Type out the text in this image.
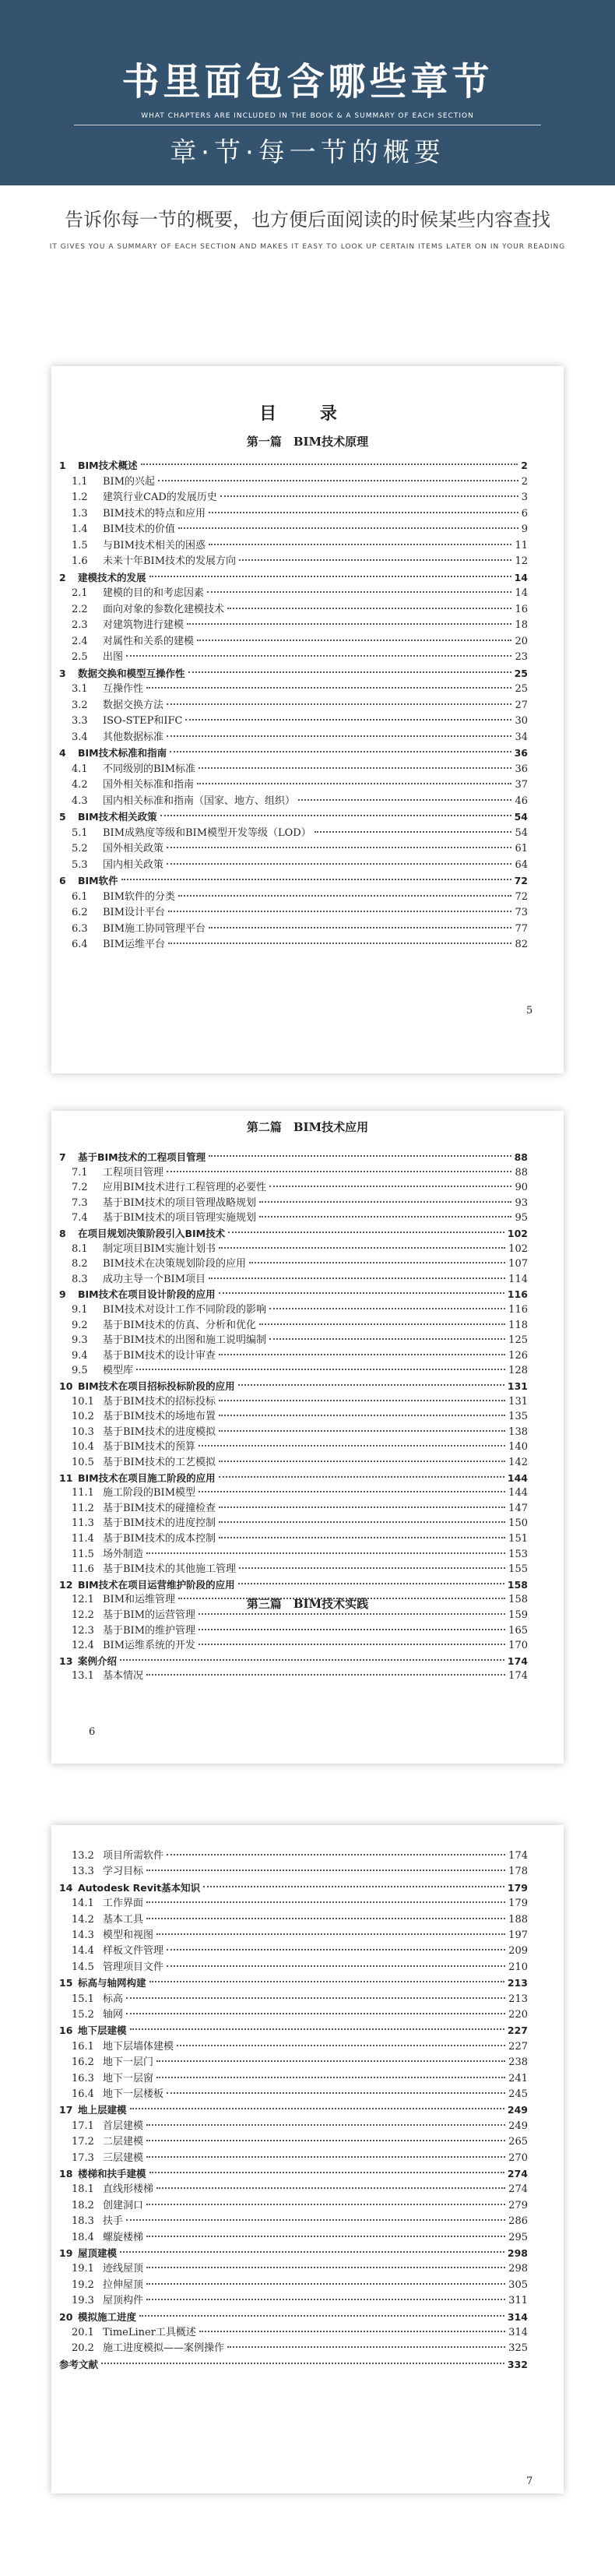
书里面包含哪些章节
WHAT CHAPTERS ARE INCLUDED IN THE BOOK & A SUMMARY OF EACH SECTION
章·节·每一节的概要
告诉你每一节的概要，也方便后面阅读的时候某些内容查找
IT GIVES YOU A SUMMARY OF EACH SECTION AND MAKES IT EASY TO LOOK UP CERTAIN ITEMS LATER ON IN YOUR READING
目 录
第一篇　BIM技术原理
1	BIM技术概述	2
1.1	BIM的兴起	2
1.2	建筑行业CAD的发展历史	3
1.3	BIM技术的特点和应用	6
1.4	BIM技术的价值	9
1.5	与BIM技术相关的困惑	11
1.6	未来十年BIM技术的发展方向	12
2	建模技术的发展	14
2.1	建模的目的和考虑因素	14
2.2	面向对象的参数化建模技术	16
2.3	对建筑物进行建模	18
2.4	对属性和关系的建模	20
2.5	出图	23
3	数据交换和模型互操作性	25
3.1	互操作性	25
3.2	数据交换方法	27
3.3	ISO-STEP和IFC	30
3.4	其他数据标准	34
4	BIM技术标准和指南	36
4.1	不同级别的BIM标准	36
4.2	国外相关标准和指南	37
4.3	国内相关标准和指南（国家、地方、组织）	46
5	BIM技术相关政策	54
5.1	BIM成熟度等级和BIM模型开发等级（LOD）	54
5.2	国外相关政策	61
5.3	国内相关政策	64
6	BIM软件	72
6.1	BIM软件的分类	72
6.2	BIM设计平台	73
6.3	BIM施工协同管理平台	77
6.4	BIM运维平台	82
5
第二篇　BIM技术应用
第三篇　BIM技术实践
7	基于BIM技术的工程项目管理	88
7.1	工程项目管理	88
7.2	应用BIM技术进行工程管理的必要性	90
7.3	基于BIM技术的项目管理战略规划	93
7.4	基于BIM技术的项目管理实施规划	95
8	在项目规划决策阶段引入BIM技术	102
8.1	制定项目BIM实施计划书	102
8.2	BIM技术在决策规划阶段的应用	107
8.3	成功主导一个BIM项目	114
9	BIM技术在项目设计阶段的应用	116
9.1	BIM技术对设计工作不同阶段的影响	116
9.2	基于BIM技术的仿真、分析和优化	118
9.3	基于BIM技术的出图和施工说明编制	125
9.4	基于BIM技术的设计审查	126
9.5	模型库	128
10 BIM技术在项目招标投标阶段的应用	131
10.1 基于BIM技术的招标投标	131
10.2 基于BIM技术的场地布置	135
10.3 基于BIM技术的进度模拟	138
10.4 基于BIM技术的预算	140
10.5 基于BIM技术的工艺模拟	142
11 BIM技术在项目施工阶段的应用	144
11.1 施工阶段的BIM模型	144
11.2 基于BIM技术的碰撞检查	147
11.3 基于BIM技术的进度控制	150
11.4 基于BIM技术的成本控制	151
11.5 场外制造	153
11.6 基于BIM技术的其他施工管理	155
12 BIM技术在项目运营维护阶段的应用	158
12.1 BIM和运维管理	158
12.2 基于BIM的运营管理	159
12.3 基于BIM的维护管理	165
12.4 BIM运维系统的开发	170
13 案例介绍	174
13.1 基本情况	174
6
13.2 项目所需软件	174
13.3 学习目标	178
14 Autodesk Revit基本知识	179
14.1 工作界面	179
14.2 基本工具	188
14.3 模型和视图	197
14.4 样板文件管理	209
14.5 管理项目文件	210
15 标高与轴网构建	213
15.1 标高	213
15.2 轴网	220
16 地下层建模	227
16.1 地下层墙体建模	227
16.2 地下一层门	238
16.3 地下一层窗	241
16.4 地下一层楼板	245
17 地上层建模	249
17.1 首层建模	249
17.2 二层建模	265
17.3 三层建模	270
18 楼梯和扶手建模	274
18.1 直线形楼梯	274
18.2 创建洞口	279
18.3 扶手	286
18.4 螺旋楼梯	295
19 屋顶建模	298
19.1 迹线屋顶	298
19.2 拉伸屋顶	305
19.3 屋顶构件	311
20 模拟施工进度	314
20.1 TimeLiner工具概述	314
20.2 施工进度模拟——案例操作	325
参考文献	332
7
